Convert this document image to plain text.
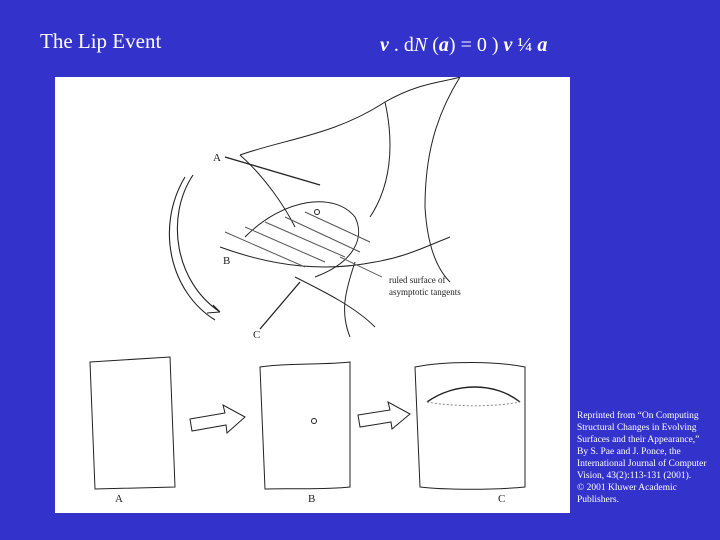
The Lip Event	v . dN (a) = 0 ) v ¼ a
A
B
C
ruled surface of
asymptotic tangents
A	B	C
Reprinted from “On Computing
Structural Changes in Evolving
Surfaces and their Appearance,”
By S. Pae and J. Ponce, the
International Journal of Computer
Vision, 43(2):113-131 (2001).
© 2001 Kluwer Academic
Publishers.
